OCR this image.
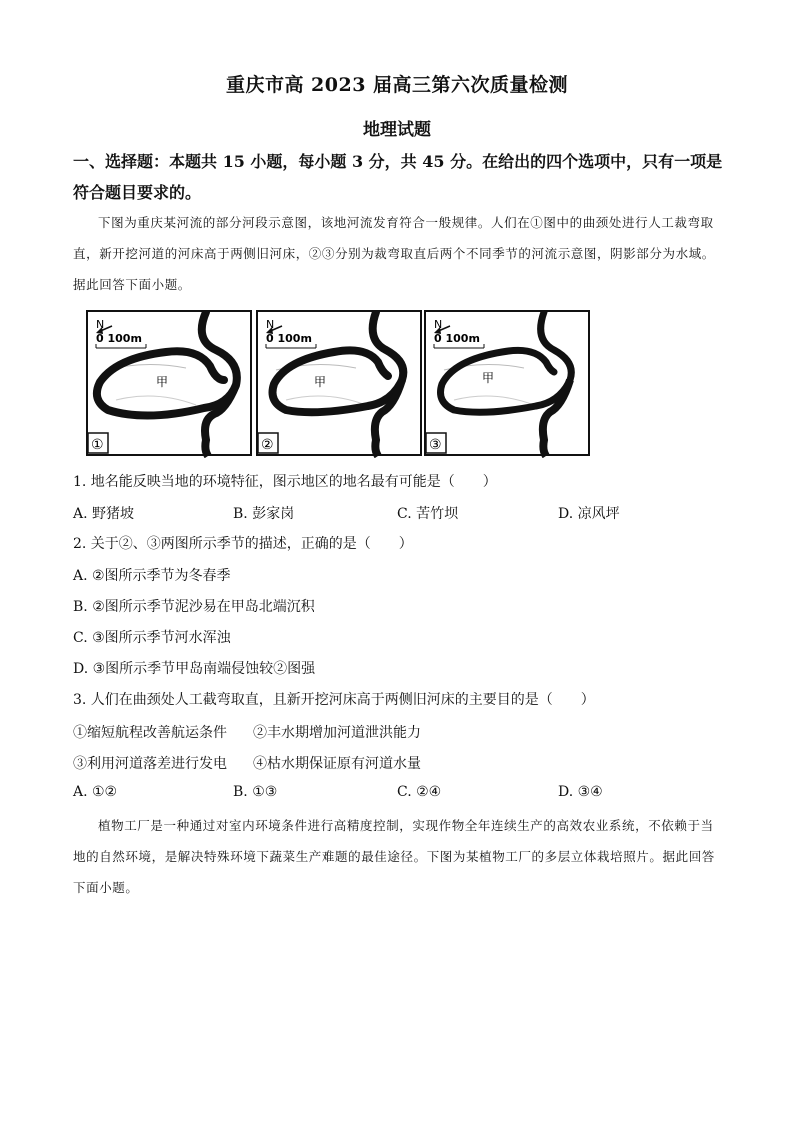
重庆市高 2023 届高三第六次质量检测
地理试题
一、选择题：本题共 15 小题，每小题 3 分，共 45 分。在给出的四个选项中，只有一项是符合题目要求的。
下图为重庆某河流的部分河段示意图，该地河流发育符合一般规律。人们在①图中的曲颈处进行人工裁弯取直，新开挖河道的河床高于两侧旧河床，②③分别为裁弯取直后两个不同季节的河流示意图，阴影部分为水域。据此回答下面小题。
N
0 100m
甲
①
N
0 100m
甲
②
N
0 100m
甲
③
1. 地名能反映当地的环境特征，图示地区的地名最有可能是（　　）
A. 野猪坡	B. 彭家岗	C. 苦竹坝	D. 凉风坪
2. 关于②、③两图所示季节的描述，正确的是（　　）
A. ②图所示季节为冬春季
B. ②图所示季节泥沙易在甲岛北端沉积
C. ③图所示季节河水浑浊
D. ③图所示季节甲岛南端侵蚀较②图强
3. 人们在曲颈处人工截弯取直，且新开挖河床高于两侧旧河床的主要目的是（　　）
①缩短航程改善航运条件 ②丰水期增加河道泄洪能力
③利用河道落差进行发电 ④枯水期保证原有河道水量
A. ①②	B. ①③	C. ②④	D. ③④
植物工厂是一种通过对室内环境条件进行高精度控制，实现作物全年连续生产的高效农业系统，不依赖于当地的自然环境，是解决特殊环境下蔬菜生产难题的最佳途径。下图为某植物工厂的多层立体栽培照片。据此回答下面小题。
